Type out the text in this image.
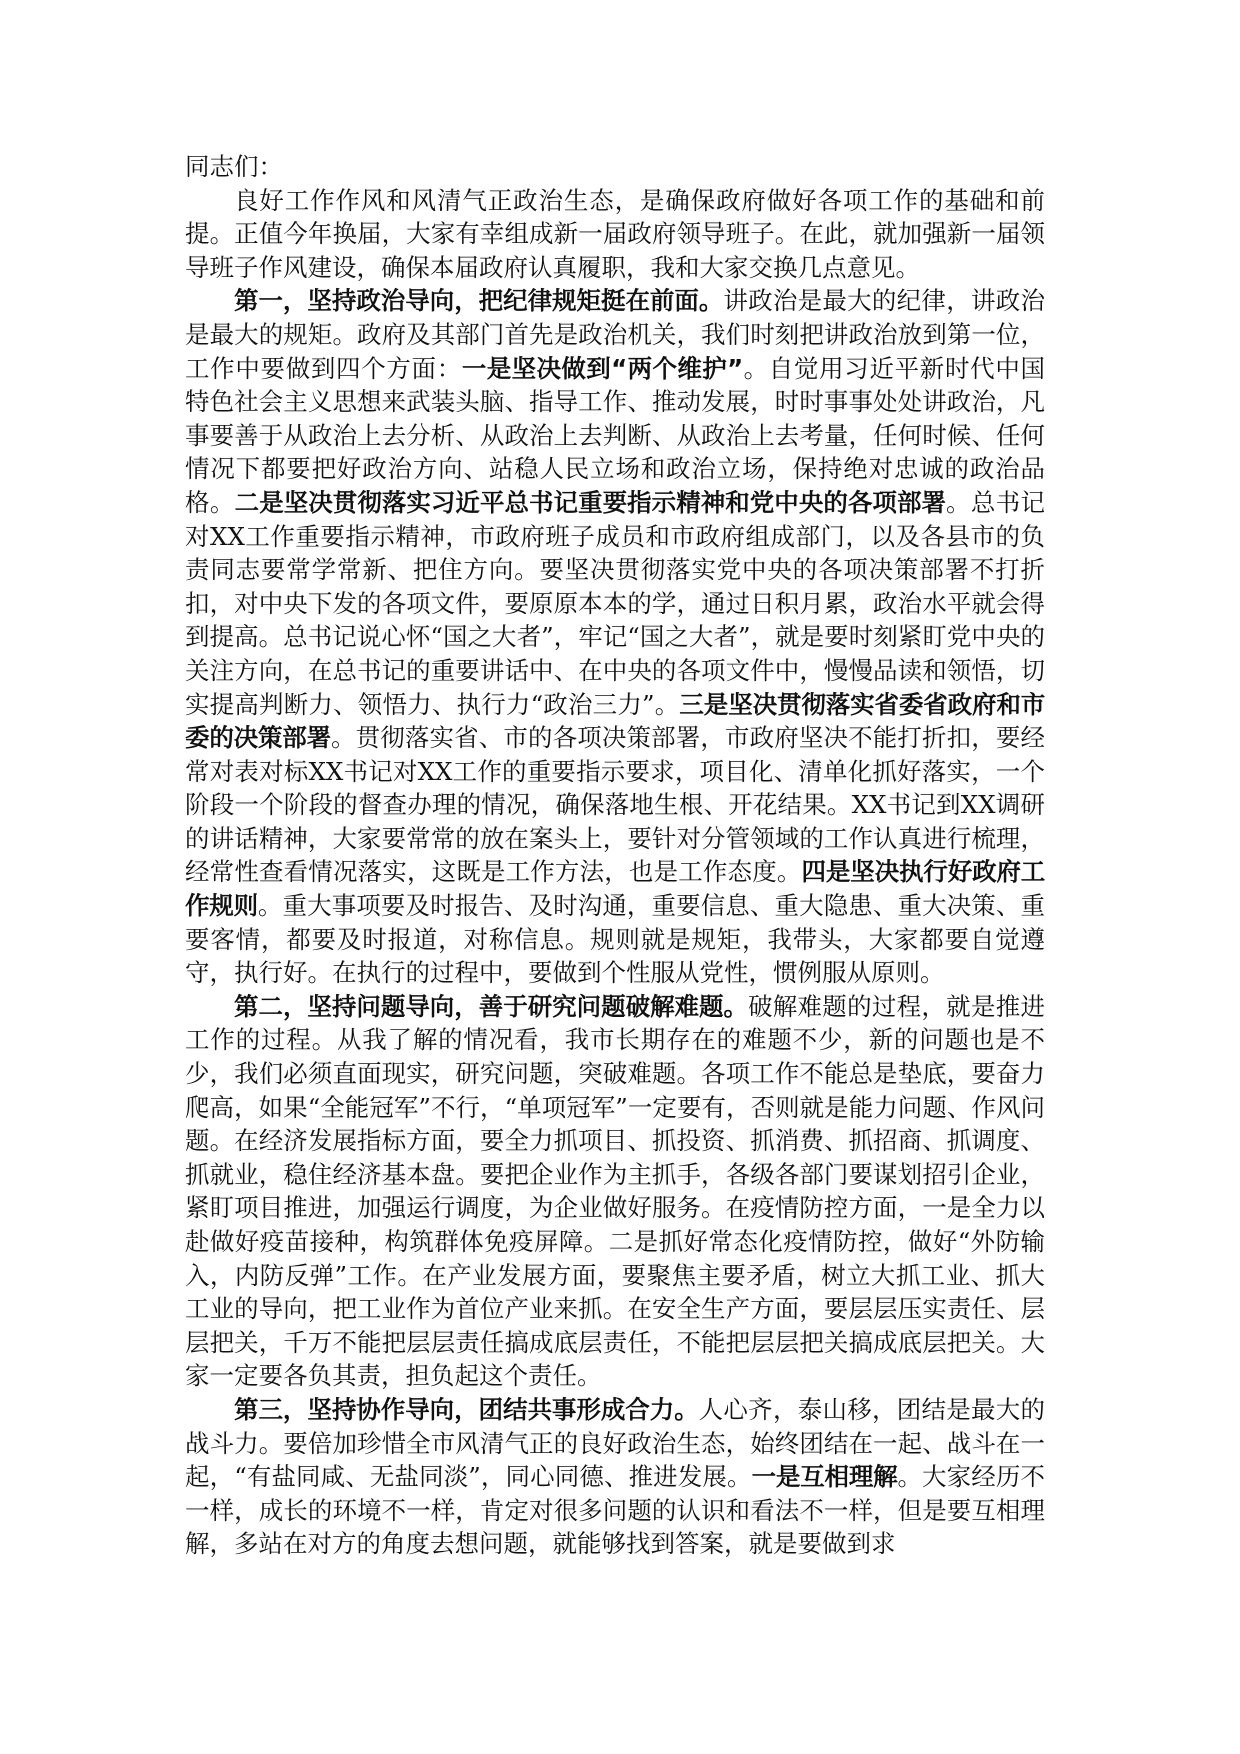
同志们：

良好工作作风和风清气正政治生态，是确保政府做好各项工作的基础和前提。正值今年换届，大家有幸组成新一届政府领导班子。在此，就加强新一届领导班子作风建设，确保本届政府认真履职，我和大家交换几点意见。

第一，坚持政治导向，把纪律规矩挺在前面。讲政治是最大的纪律，讲政治是最大的规矩。政府及其部门首先是政治机关，我们时刻把讲政治放到第一位，工作中要做到四个方面：一是坚决做到“两个维护”。自觉用习近平新时代中国特色社会主义思想来武装头脑、指导工作、推动发展，时时事事处处讲政治，凡事要善于从政治上去分析、从政治上去判断、从政治上去考量，任何时候、任何情况下都要把好政治方向、站稳人民立场和政治立场，保持绝对忠诚的政治品格。二是坚决贯彻落实习近平总书记重要指示精神和党中央的各项部署。总书记对XX工作重要指示精神，市政府班子成员和市政府组成部门，以及各县市的负责同志要常学常新、把住方向。要坚决贯彻落实党中央的各项决策部署不打折扣，对中央下发的各项文件，要原原本本的学，通过日积月累，政治水平就会得到提高。总书记说心怀“国之大者”，牢记“国之大者”，就是要时刻紧盯党中央的关注方向，在总书记的重要讲话中、在中央的各项文件中，慢慢品读和领悟，切实提高判断力、领悟力、执行力“政治三力”。三是坚决贯彻落实省委省政府和市委的决策部署。贯彻落实省、市的各项决策部署，市政府坚决不能打折扣，要经常对表对标XX书记对XX工作的重要指示要求，项目化、清单化抓好落实，一个阶段一个阶段的督查办理的情况，确保落地生根、开花结果。XX书记到XX调研的讲话精神，大家要常常的放在案头上，要针对分管领域的工作认真进行梳理，经常性查看情况落实，这既是工作方法，也是工作态度。四是坚决执行好政府工作规则。重大事项要及时报告、及时沟通，重要信息、重大隐患、重大决策、重要客情，都要及时报道，对称信息。规则就是规矩，我带头，大家都要自觉遵守，执行好。在执行的过程中，要做到个性服从党性，惯例服从原则。

第二，坚持问题导向，善于研究问题破解难题。破解难题的过程，就是推进工作的过程。从我了解的情况看，我市长期存在的难题不少，新的问题也是不少，我们必须直面现实，研究问题，突破难题。各项工作不能总是垫底，要奋力爬高，如果“全能冠军”不行，“单项冠军”一定要有，否则就是能力问题、作风问题。在经济发展指标方面，要全力抓项目、抓投资、抓消费、抓招商、抓调度、抓就业，稳住经济基本盘。要把企业作为主抓手，各级各部门要谋划招引企业，紧盯项目推进，加强运行调度，为企业做好服务。在疫情防控方面，一是全力以赴做好疫苗接种，构筑群体免疫屏障。二是抓好常态化疫情防控，做好“外防输入，内防反弹”工作。在产业发展方面，要聚焦主要矛盾，树立大抓工业、抓大工业的导向，把工业作为首位产业来抓。在安全生产方面，要层层压实责任、层层把关，千万不能把层层责任搞成底层责任，不能把层层把关搞成底层把关。大家一定要各负其责，担负起这个责任。

第三，坚持协作导向，团结共事形成合力。人心齐，泰山移，团结是最大的战斗力。要倍加珍惜全市风清气正的良好政治生态，始终团结在一起、战斗在一起，“有盐同咸、无盐同淡”，同心同德、推进发展。一是互相理解。大家经历不一样，成长的环境不一样，肯定对很多问题的认识和看法不一样，但是要互相理解，多站在对方的角度去想问题，就能够找到答案，就是要做到求
